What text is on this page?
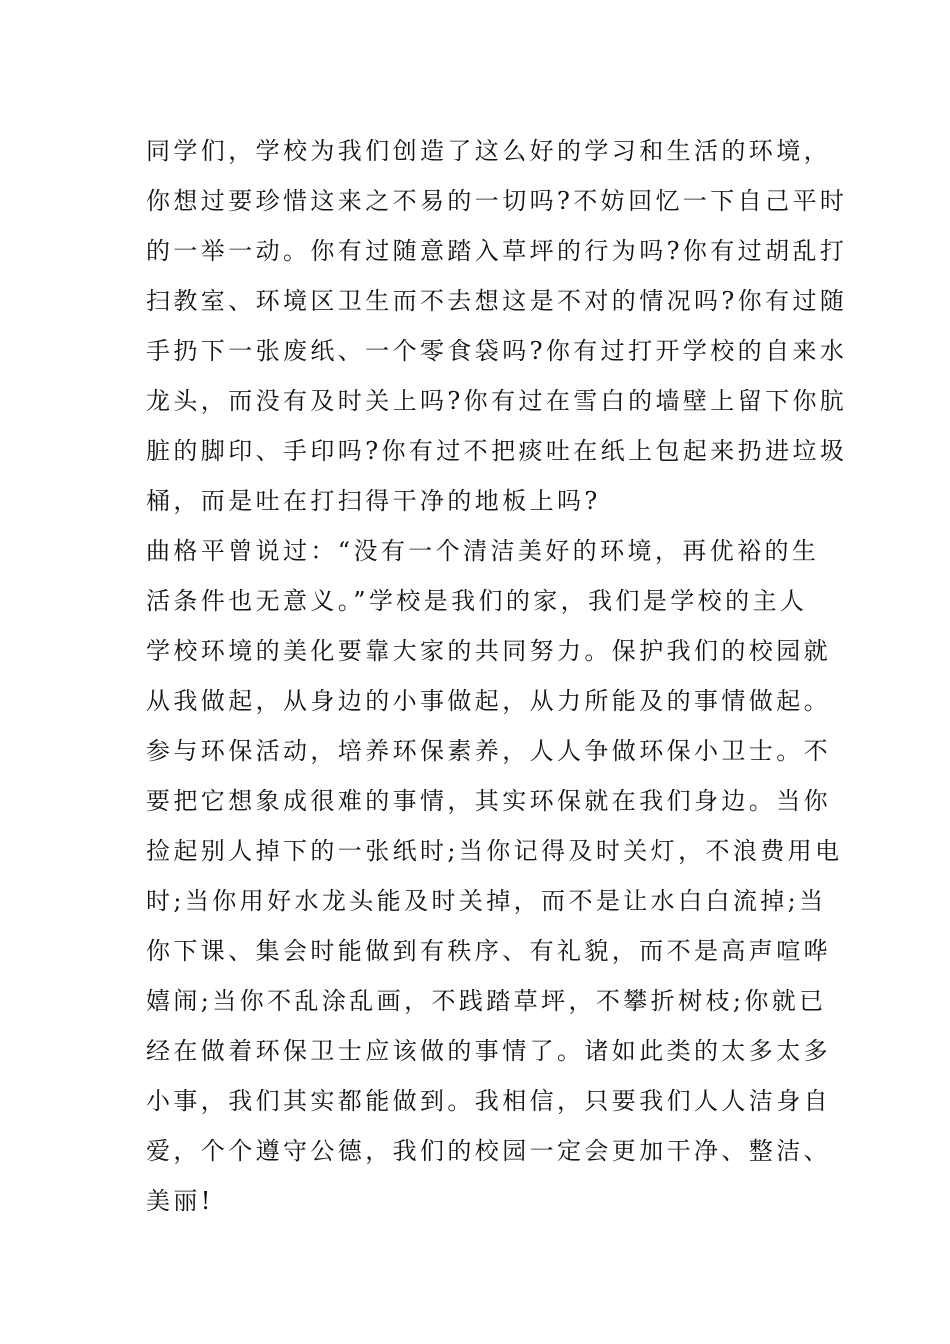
同学们，学校为我们创造了这么好的学习和生活的环境，
你想过要珍惜这来之不易的一切吗?不妨回忆一下自己平时
的一举一动。你有过随意踏入草坪的行为吗?你有过胡乱打
扫教室、环境区卫生而不去想这是不对的情况吗?你有过随
手扔下一张废纸、一个零食袋吗?你有过打开学校的自来水
龙头，而没有及时关上吗?你有过在雪白的墙壁上留下你肮
脏的脚印、手印吗?你有过不把痰吐在纸上包起来扔进垃圾
桶，而是吐在打扫得干净的地板上吗?
曲格平曾说过：“没有一个清洁美好的环境，再优裕的生
活条件也无意义。”学校是我们的家，我们是学校的主人
学校环境的美化要靠大家的共同努力。保护我们的校园就
从我做起，从身边的小事做起，从力所能及的事情做起。
参与环保活动，培养环保素养，人人争做环保小卫士。不
要把它想象成很难的事情，其实环保就在我们身边。当你
捡起别人掉下的一张纸时;当你记得及时关灯，不浪费用电
时;当你用好水龙头能及时关掉，而不是让水白白流掉;当
你下课、集会时能做到有秩序、有礼貌，而不是高声喧哗
嬉闹;当你不乱涂乱画，不践踏草坪，不攀折树枝;你就已
经在做着环保卫士应该做的事情了。诸如此类的太多太多
小事，我们其实都能做到。我相信，只要我们人人洁身自
爱，个个遵守公德，我们的校园一定会更加干净、整洁、
美丽!
